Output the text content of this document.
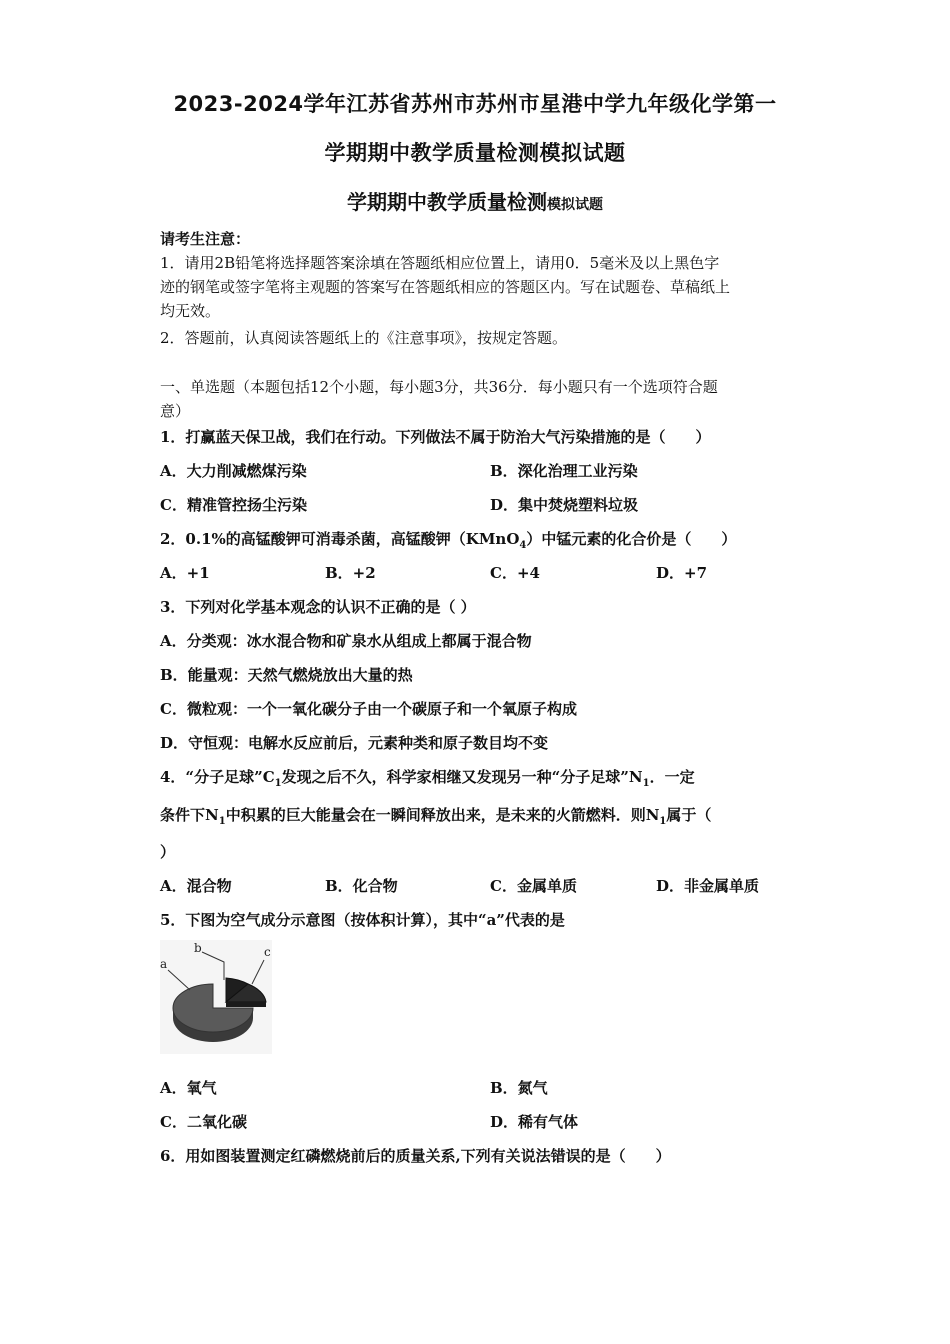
2023-2024学年江苏省苏州市苏州市星港中学九年级化学第一
学期期中教学质量检测模拟试题
学期期中教学质量检测模拟试题
请考生注意：
1．请用2B铅笔将选择题答案涂填在答题纸相应位置上，请用0．5毫米及以上黑色字
迹的钢笔或签字笔将主观题的答案写在答题纸相应的答题区内。写在试题卷、草稿纸上
均无效。
2．答题前，认真阅读答题纸上的《注意事项》，按规定答题。
一、单选题（本题包括12个小题，每小题3分，共36分．每小题只有一个选项符合题
意）
1．打赢蓝天保卫战，我们在行动。下列做法不属于防治大气污染措施的是（　　）
A．大力削减燃煤污染	B．深化治理工业污染
C．精准管控扬尘污染	D．集中焚烧塑料垃圾
2．0.1%的高锰酸钾可消毒杀菌，高锰酸钾（KMnO$_4$）中锰元素的化合价是（　　）
A．+1	B．+2	C．+4	D．+7
3．下列对化学基本观念的认识不正确的是（ ）
A．分类观：冰水混合物和矿泉水从组成上都属于混合物
B．能量观：天然气燃烧放出大量的热
C．微粒观：一个一氧化碳分子由一个碳原子和一个氧原子构成
D．守恒观：电解水反应前后，元素种类和原子数目均不变
4．“分子足球$”C_1$发现之后不久，科学家相继又发现另一种“分子足球$”N_1$．一定
条件下$N_1$中积累的巨大能量会在一瞬间释放出来，是未来的火箭燃料．则$N_1$属于（
）
A．混合物	B．化合物	C．金属单质	D．非金属单质
5．下图为空气成分示意图（按体积计算），其中“a”代表的是
a
b	c
A．氧气	B．氮气
C．二氧化碳	D．稀有气体
6．用如图装置测定红磷燃烧前后的质量关系,下列有关说法错误的是（　　）
